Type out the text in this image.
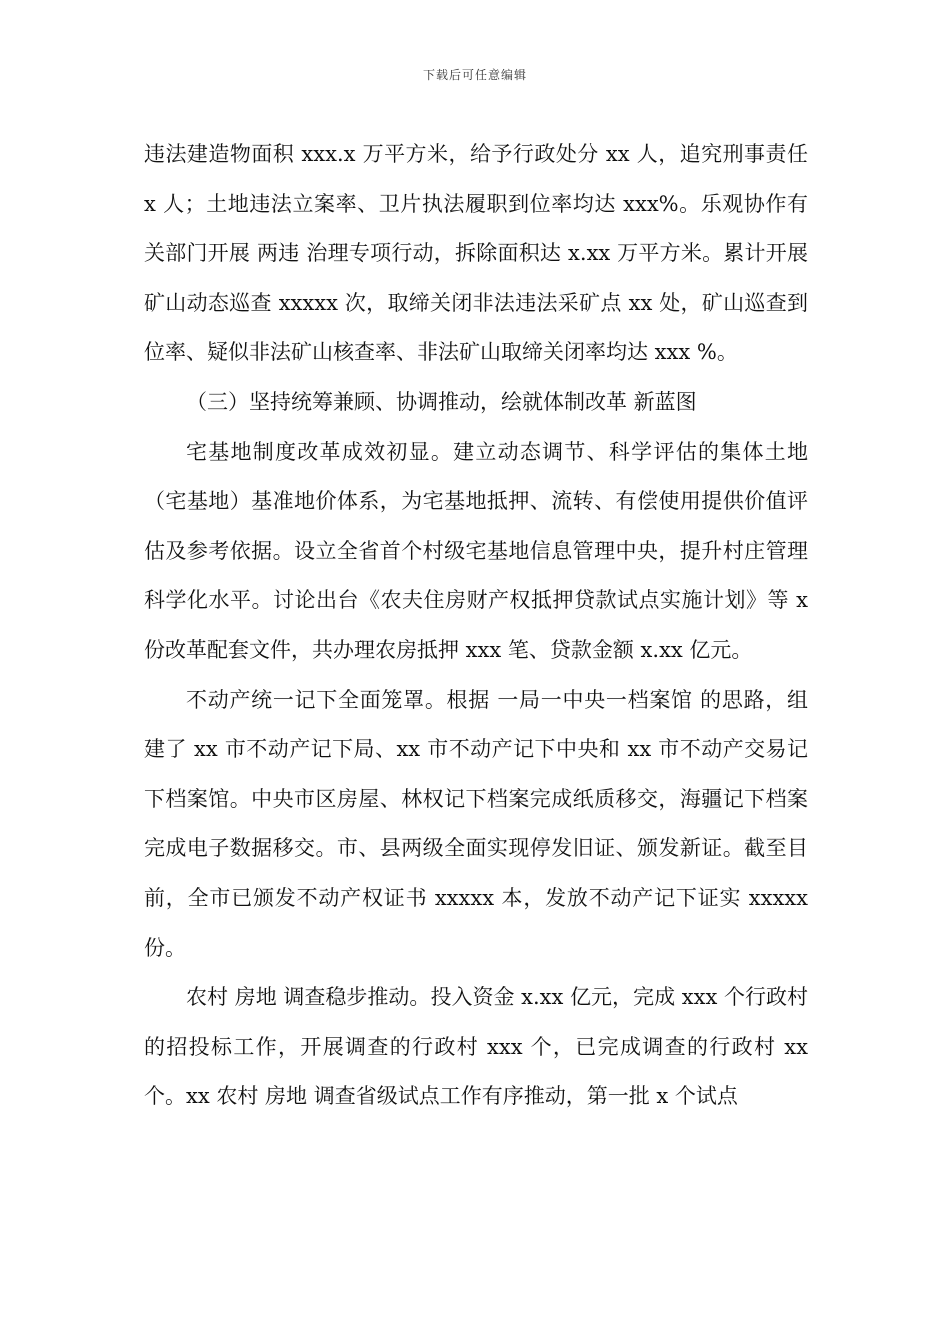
下载后可任意编辑

违法建造物面积 xxx.x 万平方米，给予行政处分 xx 人，追究刑事责任 x 人；土地违法立案率、卫片执法履职到位率均达 xxx%。乐观协作有关部门开展 两违 治理专项行动，拆除面积达 x.xx 万平方米。累计开展矿山动态巡查 xxxxx 次，取缔关闭非法违法采矿点 xx 处，矿山巡查到位率、疑似非法矿山核查率、非法矿山取缔关闭率均达 xxx %。

（三）坚持统筹兼顾、协调推动，绘就体制改革 新蓝图

宅基地制度改革成效初显。建立动态调节、科学评估的集体土地（宅基地）基准地价体系，为宅基地抵押、流转、有偿使用提供价值评估及参考依据。设立全省首个村级宅基地信息管理中央，提升村庄管理科学化水平。讨论出台《农夫住房财产权抵押贷款试点实施计划》等 x 份改革配套文件，共办理农房抵押 xxx 笔、贷款金额 x.xx 亿元。

不动产统一记下全面笼罩。根据 一局一中央一档案馆 的思路，组建了 xx 市不动产记下局、xx 市不动产记下中央和 xx 市不动产交易记下档案馆。中央市区房屋、林权记下档案完成纸质移交，海疆记下档案完成电子数据移交。市、县两级全面实现停发旧证、颁发新证。截至目前，全市已颁发不动产权证书 xxxxx 本，发放不动产记下证实 xxxxx 份。

农村 房地 调查稳步推动。投入资金 x.xx 亿元，完成 xxx 个行政村的招投标工作，开展调查的行政村 xxx 个，已完成调查的行政村 xx 个。xx 农村 房地 调查省级试点工作有序推动，第一批 x 个试点
